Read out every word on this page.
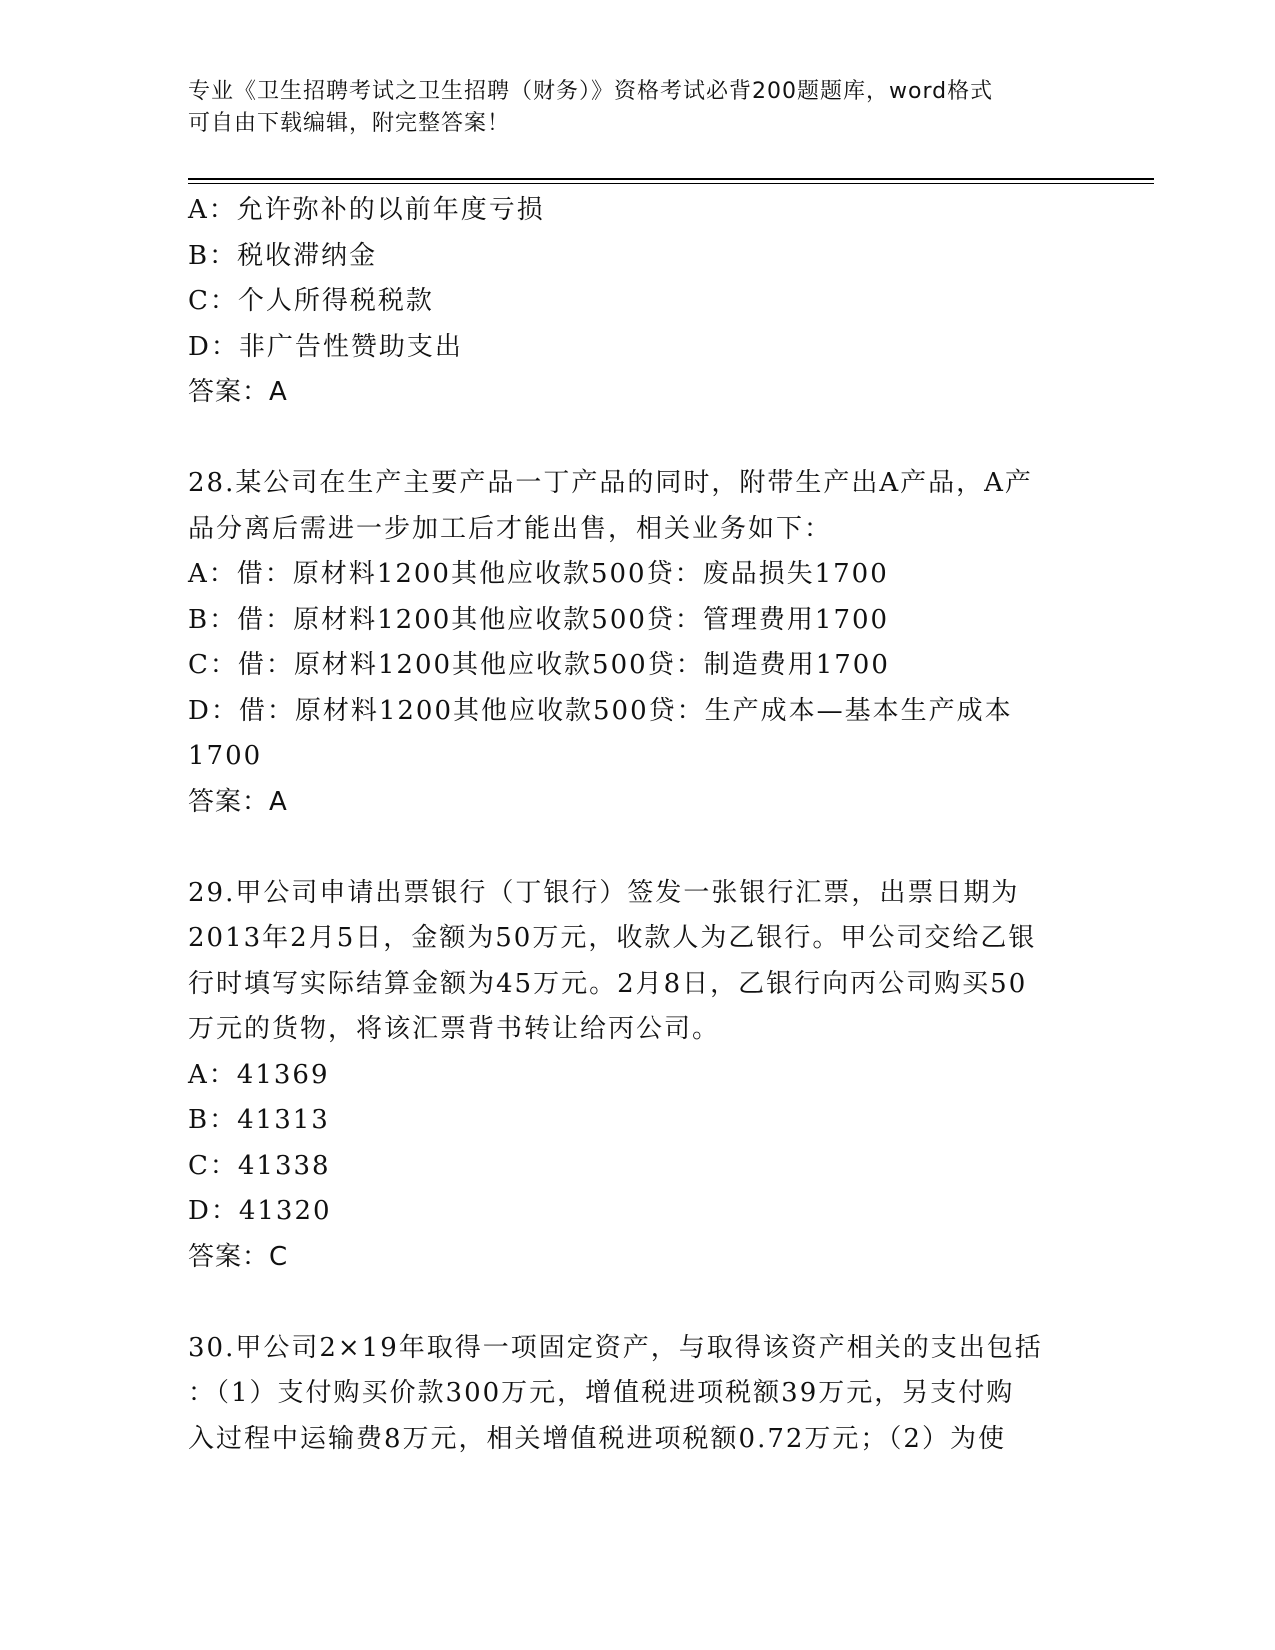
专业《卫生招聘考试之卫生招聘（财务）》资格考试必背200题题库，word格式
可自由下载编辑，附完整答案！
A：允许弥补的以前年度亏损
B：税收滞纳金
C：个人所得税税款
D：非广告性赞助支出
答案：A
28.某公司在生产主要产品一丁产品的同时，附带生产出A产品，A产
品分离后需进一步加工后才能出售，相关业务如下：
A：借：原材料1200其他应收款500贷：废品损失1700
B：借：原材料1200其他应收款500贷：管理费用1700
C：借：原材料1200其他应收款500贷：制造费用1700
D：借：原材料1200其他应收款500贷：生产成本—基本生产成本
1700
答案：A
29.甲公司申请出票银行（丁银行）签发一张银行汇票，出票日期为
2013年2月5日，金额为50万元，收款人为乙银行。甲公司交给乙银
行时填写实际结算金额为45万元。2月8日，乙银行向丙公司购买50
万元的货物，将该汇票背书转让给丙公司。
A：41369
B：41313
C：41338
D：41320
答案：C
30.甲公司2×19年取得一项固定资产，与取得该资产相关的支出包括
：（1）支付购买价款300万元，增值税进项税额39万元，另支付购
入过程中运输费8万元，相关增值税进项税额0.72万元；（2）为使
